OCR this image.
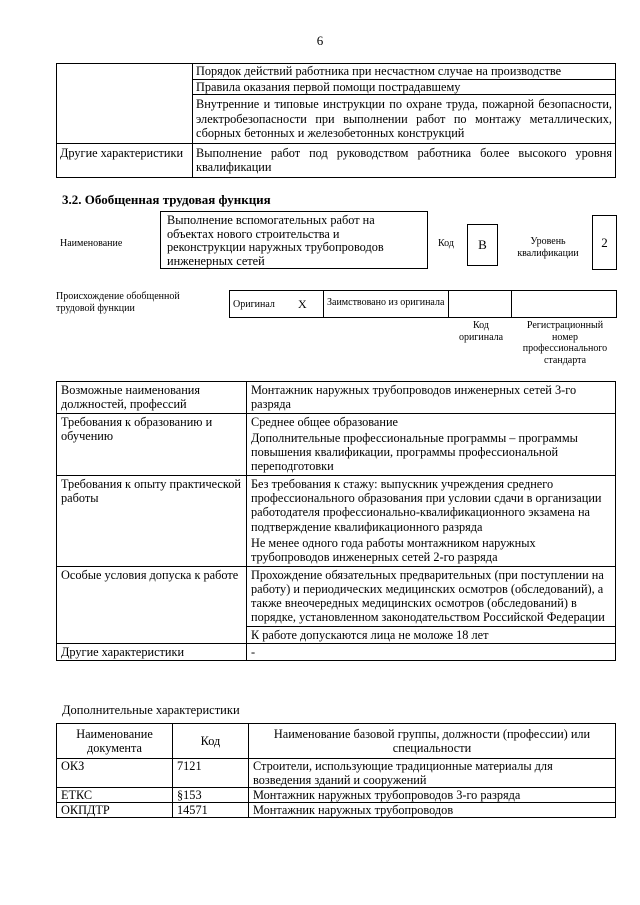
6
	Порядок действий работника при несчастном случае на производстве
	Правила оказания первой помощи пострадавшему
	Внутренние и типовые инструкции по охране труда, пожарной безопасности, электробезопасности при выполнении работ по монтажу металлических, сборных бетонных и железобетонных конструкций
Другие характеристики	Выполнение работ под руководством работника более высокого уровня квалификации
3.2. Обобщенная трудовая функция
Наименование
Выполнение вспомогательных работ на объектах нового строительства и реконструкции наружных трубопроводов инженерных сетей
Код	B	Уровень квалификации
2
Происхождение обобщенной трудовой функции	Оригинал X	Заимствовано из оригинала
Код оригинала
Регистрационный номер профессионального стандарта
Возможные наименования должностей, профессий	Монтажник наружных трубопроводов инженерных сетей 3-го разряда
Требования к образованию и обучению	Среднее общее образование
	Дополнительные профессиональные программы – программы повышения квалификации, программы профессиональной переподготовки
Требования к опыту практической работы	Без требования к стажу: выпускник учреждения среднего профессионального образования при условии сдачи в организации работодателя профессионально-квалификационного экзамена на подтверждение квалификационного разряда
	Не менее одного года работы монтажником наружных трубопроводов инженерных сетей 2-го разряда
Особые условия допуска к работе	Прохождение обязательных предварительных (при поступлении на работу) и периодических медицинских осмотров (обследований), а также внеочередных медицинских осмотров (обследований) в порядке, установленном законодательством Российской Федерации
	К работе допускаются лица не моложе 18 лет
Другие характеристики	-
Дополнительные характеристики
Наименование документа	Код	Наименование базовой группы, должности (профессии) или специальности
ОКЗ	7121	Строители, использующие традиционные материалы для возведения зданий и сооружений
ЕТКС	§153	Монтажник наружных трубопроводов 3-го разряда
ОКПДТР	14571	Монтажник наружных трубопроводов
